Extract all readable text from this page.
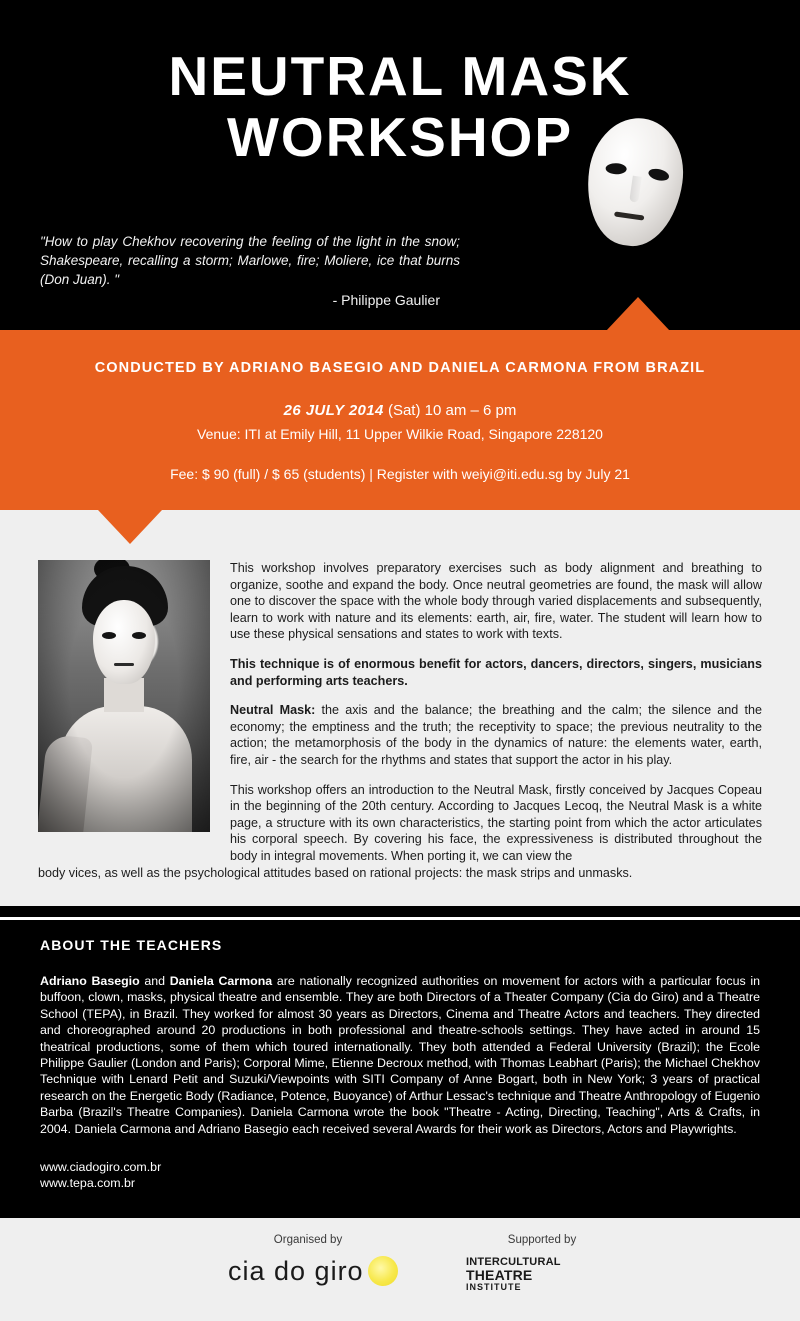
NEUTRAL MASK
WORKSHOP
"How to play Chekhov recovering the feeling of the light in the snow; Shakespeare, recalling a storm; Marlowe, fire; Moliere, ice that burns (Don Juan). "
- Philippe Gaulier
CONDUCTED BY ADRIANO BASEGIO AND DANIELA CARMONA FROM BRAZIL
26 JULY 2014 (Sat) 10 am – 6 pm
Venue: ITI at Emily Hill, 11 Upper Wilkie Road, Singapore 228120
Fee: $ 90 (full) / $ 65 (students) | Register with weiyi@iti.edu.sg by July 21

This workshop involves preparatory exercises such as body alignment and breathing to organize, soothe and expand the body. Once neutral geometries are found, the mask will allow one to discover the space with the whole body through varied displacements and subsequently, learn to work with nature and its elements: earth, air, fire, water. The student will learn how to use these physical sensations and states to work with texts.

This technique is of enormous benefit for actors, dancers, directors, singers, musicians and performing arts teachers.

Neutral Mask: the axis and the balance; the breathing and the calm; the silence and the economy; the emptiness and the truth; the receptivity to space; the previous neutrality to the action; the metamorphosis of the body in the dynamics of nature: the elements water, earth, fire, air - the search for the rhythms and states that support the actor in his play.

This workshop offers an introduction to the Neutral Mask, firstly conceived by Jacques Copeau in the beginning of the 20th century. According to Jacques Lecoq, the Neutral Mask is a white page, a structure with its own characteristics, the starting point from which the actor articulates his corporal speech. By covering his face, the expressiveness is distributed throughout the body in integral movements. When porting it, we can view the

body vices, as well as the psychological attitudes based on rational projects: the mask strips and unmasks.

ABOUT THE TEACHERS

Adriano Basegio and Daniela Carmona are nationally recognized authorities on movement for actors with a particular focus in buffoon, clown, masks, physical theatre and ensemble. They are both Directors of a Theater Company (Cia do Giro) and a Theatre School (TEPA), in Brazil. They worked for almost 30 years as Directors, Cinema and Theatre Actors and teachers. They directed and choreographed around 20 productions in both professional and theatre-schools settings. They have acted in around 15 theatrical productions, some of them which toured internationally. They both attended a Federal University (Brazil); the Ecole Philippe Gaulier (London and Paris); Corporal Mime, Etienne Decroux method, with Thomas Leabhart (Paris); the Michael Chekhov Technique with Lenard Petit and Suzuki/Viewpoints with SITI Company of Anne Bogart, both in New York; 3 years of practical research on the Energetic Body (Radiance, Potence, Buoyance) of Arthur Lessac's technique and Theatre Anthropology of Eugenio Barba (Brazil's Theatre Companies). Daniela Carmona wrote the book "Theatre - Acting, Directing, Teaching", Arts & Crafts, in 2004. Daniela Carmona and Adriano Basegio each received several Awards for their work as Directors, Actors and Playwrights.

www.ciadogiro.com.br
www.tepa.com.br
Organised by	Supported by
cia do giro	INTERCULTURAL
THEATRE
INSTITUTE
